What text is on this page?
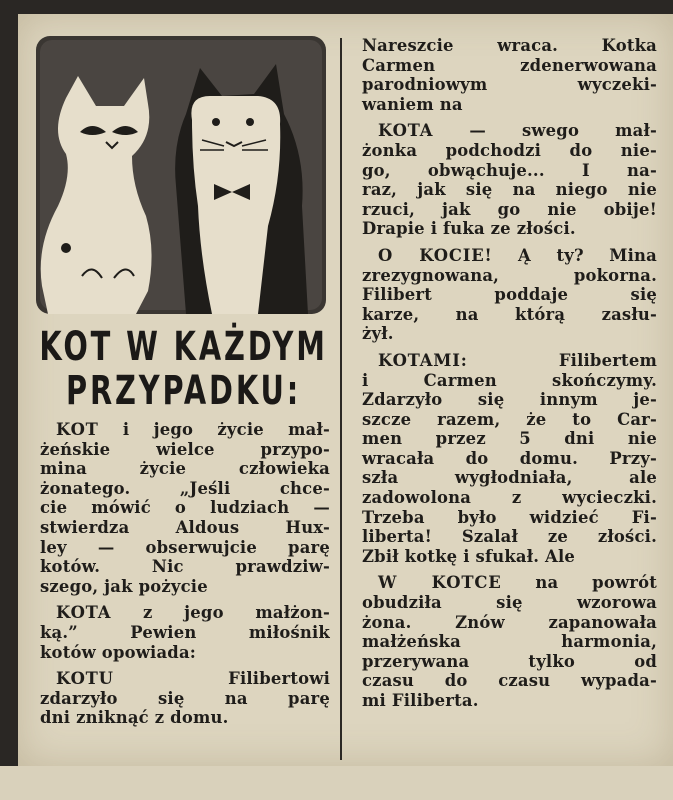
KOT W KAŻDYM
PRZYPADKU:
KOT i jego życie mał-
żeńskie wielce przypo-
mina życie człowieka
żonatego. „Jeśli chce-
cie mówić o ludziach —
stwierdza Aldous Hux-
ley — obserwujcie parę
kotów. Nic prawdziw-
szego, jak pożycie
KOTA z jego małżon-
ką.” Pewien miłośnik
kotów opowiada:
KOTU Filibertowi
zdarzyło się na parę
dni zniknąć z domu.
Nareszcie wraca. Kotka
Carmen zdenerwowana
parodniowym wyczeki-
waniem na
KOTA — swego mał-
żonka podchodzi do nie-
go, obwąchuje... I na-
raz, jak się na niego nie
rzuci, jak go nie obije!
Drapie i fuka ze złości.
O KOCIE! Ą ty? Mina
zrezygnowana, pokorna.
Filibert poddaje się
karze, na którą zasłu-
żył.
KOTAMI: Filibertem
i Carmen skończymy.
Zdarzyło się innym je-
szcze razem, że to Car-
men przez 5 dni nie
wracała do domu. Przy-
szła wygłodniała, ale
zadowolona z wycieczki.
Trzeba było widzieć Fi-
liberta! Szalał ze złości.
Zbił kotkę i sfukał. Ale
W KOTCE na powrót
obudziła się wzorowa
żona. Znów zapanowała
małżeńska harmonia,
przerywana tylko od
czasu do czasu wypada-
mi Filiberta.
